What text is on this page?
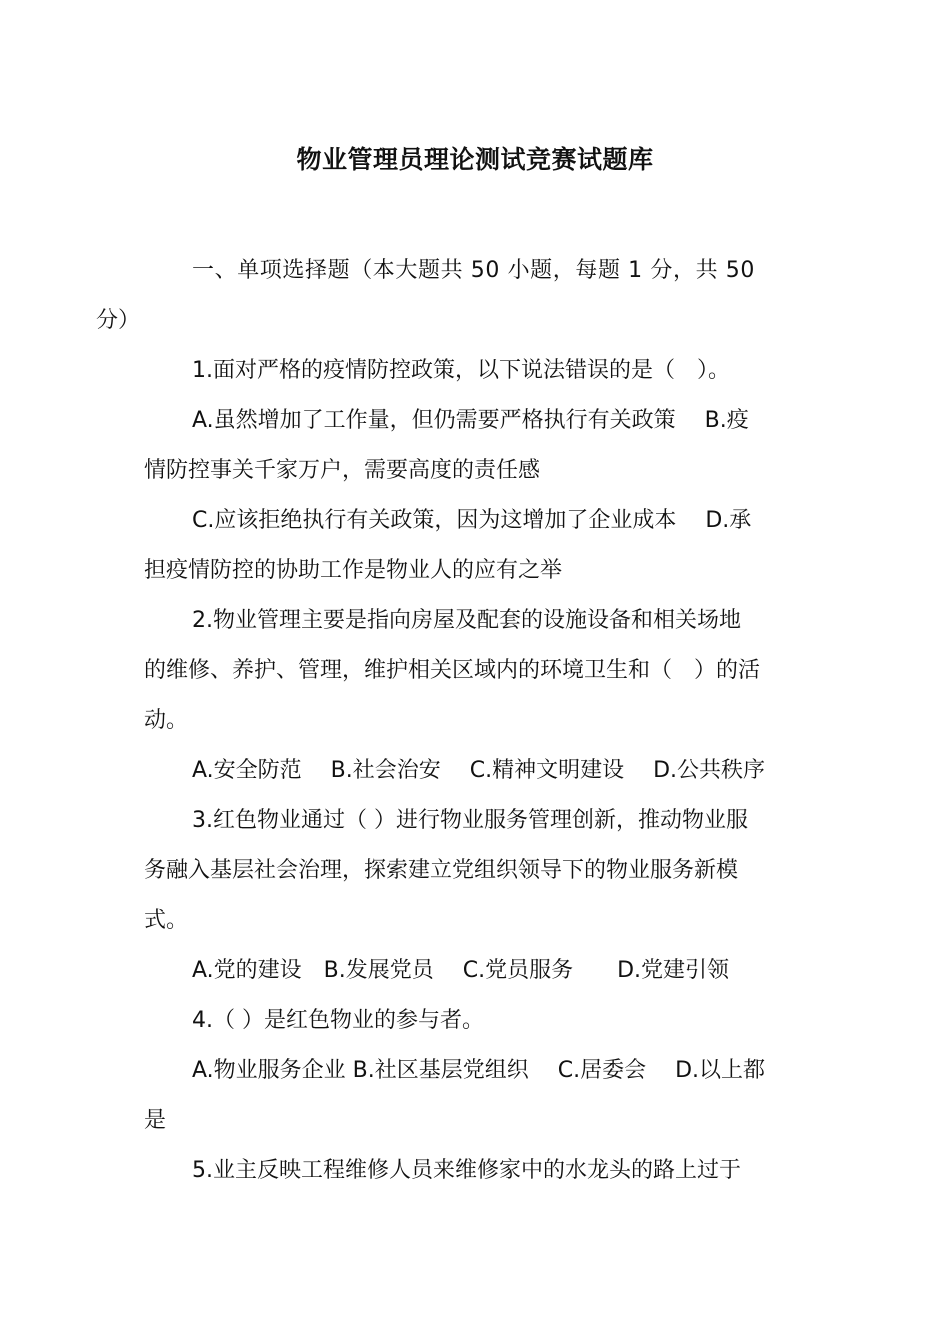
物业管理员理论测试竞赛试题库
一、单项选择题（本大题共 50 小题，每题 1 分，共 50
分）
1.面对严格的疫情防控政策，以下说法错误的是（　）。
A.虽然增加了工作量，但仍需要严格执行有关政策　 B.疫
情防控事关千家万户，需要高度的责任感
C.应该拒绝执行有关政策，因为这增加了企业成本　 D.承
担疫情防控的协助工作是物业人的应有之举
2.物业管理主要是指向房屋及配套的设施设备和相关场地
的维修、养护、管理，维护相关区域内的环境卫生和（　）的活
动。
A.安全防范　 B.社会治安　 C.精神文明建设　 D.公共秩序
3.红色物业通过（ ）进行物业服务管理创新，推动物业服
务融入基层社会治理，探索建立党组织领导下的物业服务新模
式。
A.党的建设　B.发展党员　 C.党员服务　　D.党建引领
4.（ ）是红色物业的参与者。
A.物业服务企业 B.社区基层党组织　 C.居委会　 D.以上都
是
5.业主反映工程维修人员来维修家中的水龙头的路上过于
